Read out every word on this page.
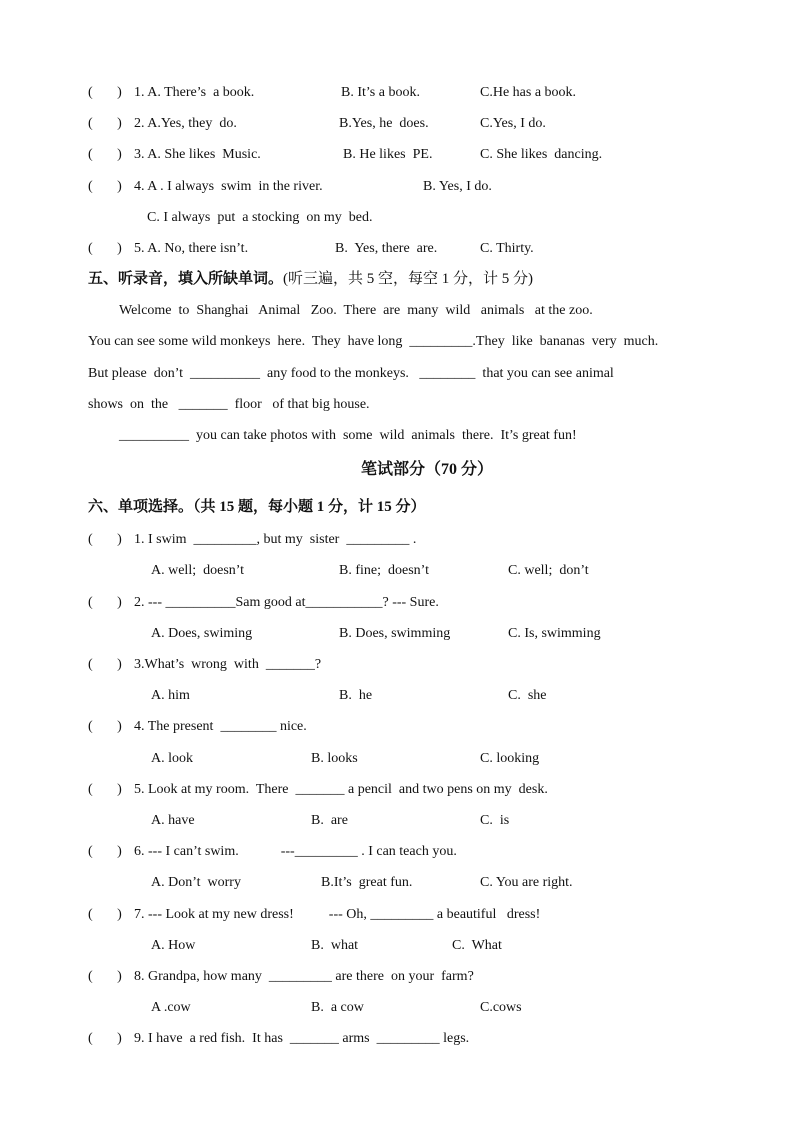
(       ) 1. A. There’s  a book.	B. It’s a book.	C.He has a book.
(       ) 2. A.Yes, they  do.	B.Yes, he  does.	C.Yes, I do.
(       ) 3. A. She likes  Music.	B. He likes  PE.	C. She likes  dancing.
(       ) 4. A . I always  swim  in the river.	B. Yes, I do.
C. I always  put  a stocking  on my  bed.
(       ) 5. A. No, there isn’t.	B.  Yes, there  are.	C. Thirty.
五、听录音，填入所缺单词。(听三遍，共 5 空，每空 1 分，计 5 分)
Welcome  to  Shanghai   Animal   Zoo.  There  are  many  wild   animals   at the zoo.
You can see some wild monkeys  here.  They  have long  _________.They  like  bananas  very  much.
But please  don’t  __________  any food to the monkeys.   ________  that you can see animal
shows  on  the   _______  floor   of that big house.
__________  you can take photos with  some  wild  animals  there.  It’s great fun!
笔试部分（70 分）
六、单项选择。（共 15 题，每小题 1 分，计 15 分）
(       ) 1. I swim  _________, but my  sister  _________ .
A. well;  doesn’t	B. fine;  doesn’t	C. well;  don’t
(       ) 2. --- __________Sam good at___________? --- Sure.
A. Does, swiming	B. Does, swimming	C. Is, swimming
(       ) 3.What’s  wrong  with  _______?
A. him	B.  he	C.  she
(       ) 4. The present  ________ nice.
A. look	B. looks	C. looking
(       ) 5. Look at my room.  There  _______ a pencil  and two pens on my  desk.
A. have	B.  are	C.  is
(       ) 6. --- I can’t swim.            ---_________ . I can teach you.
A. Don’t  worry	B.It’s  great fun.	C. You are right.
(       ) 7. --- Look at my new dress!          --- Oh, _________ a beautiful   dress!
A. How	B.  what	C.  What
(       ) 8. Grandpa, how many  _________ are there  on your  farm?
A .cow	B.  a cow	C.cows
(       ) 9. I have  a red fish.  It has  _______ arms  _________ legs.
